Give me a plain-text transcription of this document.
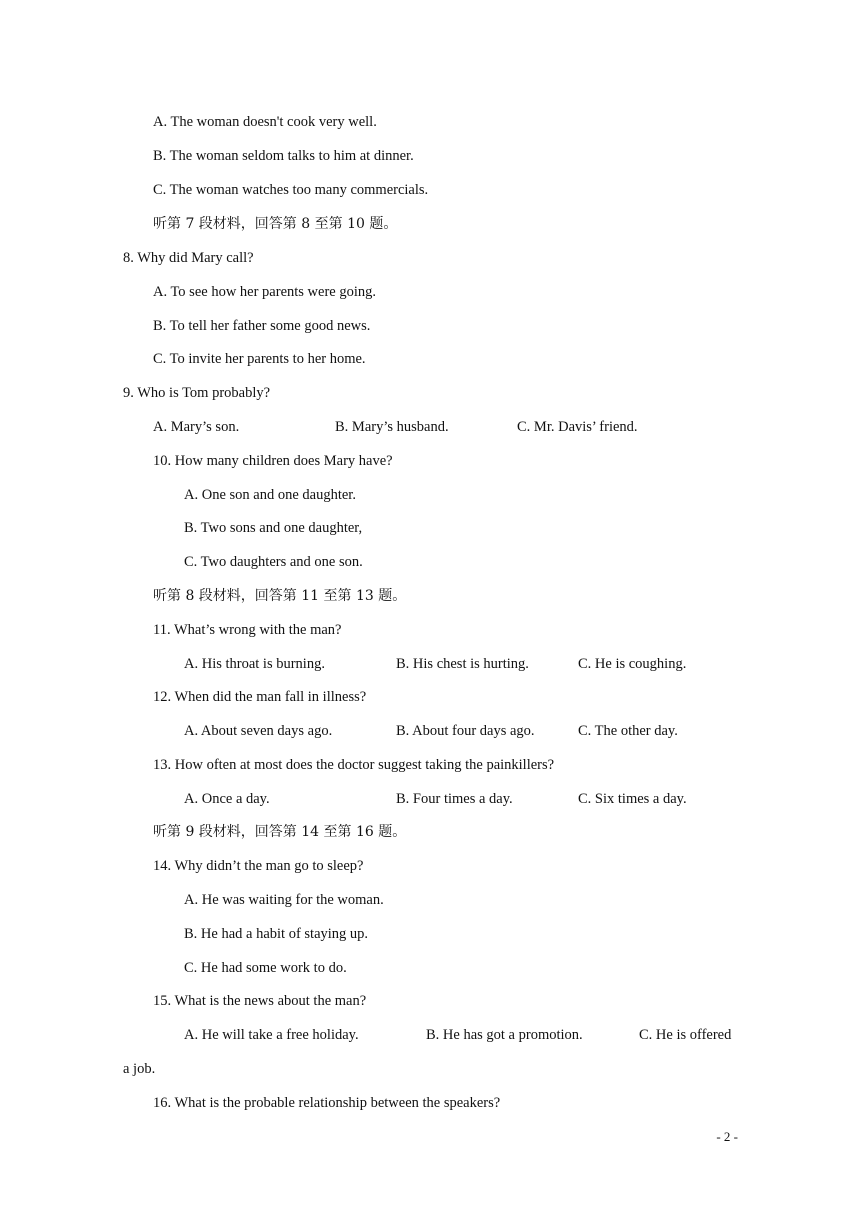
A. The woman doesn't cook very well.
B. The woman seldom talks to him at dinner.
C. The woman watches too many commercials.
听第 7 段材料，回答第 8 至第 10 题。
8. Why did Mary call?
A. To see how her parents were going.
B. To tell her father some good news.
C. To invite her parents to her home.
9. Who is Tom probably?
A. Mary’s son.	B. Mary’s husband.	C. Mr. Davis’ friend.
10. How many children does Mary have?
A. One son and one daughter.
B. Two sons and one daughter,
C. Two daughters and one son.
听第 8 段材料，回答第 11 至第 13 题。
11. What’s wrong with the man?
A. His throat is burning.	B. His chest is hurting.	C. He is coughing.
12. When did the man fall in illness?
A. About seven days ago.	B. About four days ago.	C. The other day.
13. How often at most does the doctor suggest taking the painkillers?
A. Once a day.	B. Four times a day.	C. Six times a day.
听第 9 段材料，回答第 14 至第 16 题。
14. Why didn’t the man go to sleep?
A. He was waiting for the woman.
B. He had a habit of staying up.
C. He had some work to do.
15. What is the news about the man?
A. He will take a free holiday.	B. He has got a promotion.	C. He is offered
a job.
16. What is the probable relationship between the speakers?
- 2 -
